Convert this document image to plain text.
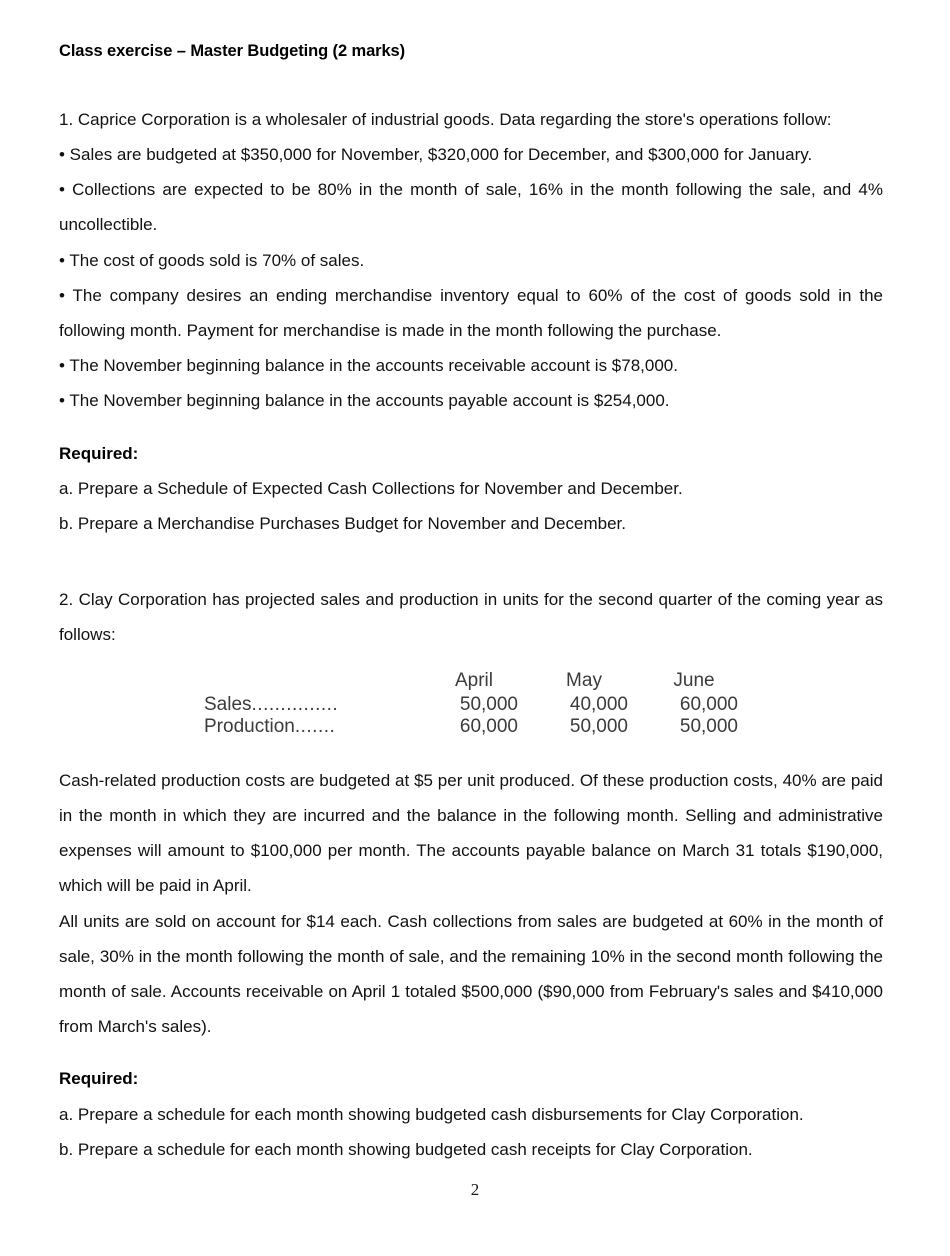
Class exercise – Master Budgeting (2 marks)

1. Caprice Corporation is a wholesaler of industrial goods. Data regarding the store's operations follow:

• Sales are budgeted at $350,000 for November, $320,000 for December, and $300,000 for January.

• Collections are expected to be 80% in the month of sale, 16% in the month following the sale, and 4% uncollectible.

• The cost of goods sold is 70% of sales.

• The company desires an ending merchandise inventory equal to 60% of the cost of goods sold in the following month. Payment for merchandise is made in the month following the purchase.

• The November beginning balance in the accounts receivable account is $78,000.

• The November beginning balance in the accounts payable account is $254,000.

Required:

a. Prepare a Schedule of Expected Cash Collections for November and December.

b. Prepare a Merchandise Purchases Budget for November and December.

2. Clay Corporation has projected sales and production in units for the second quarter of the coming year as follows:

	April	May	June
Sales...............	50,000	40,000	60,000
Production.......	60,000	50,000	50,000

Cash-related production costs are budgeted at $5 per unit produced. Of these production costs, 40% are paid in the month in which they are incurred and the balance in the following month. Selling and administrative expenses will amount to $100,000 per month. The accounts payable balance on March 31 totals $190,000, which will be paid in April.

All units are sold on account for $14 each. Cash collections from sales are budgeted at 60% in the month of sale, 30% in the month following the month of sale, and the remaining 10% in the second month following the month of sale. Accounts receivable on April 1 totaled $500,000 ($90,000 from February's sales and $410,000 from March's sales).

Required:

a. Prepare a schedule for each month showing budgeted cash disbursements for Clay Corporation.

b. Prepare a schedule for each month showing budgeted cash receipts for Clay Corporation.

2
